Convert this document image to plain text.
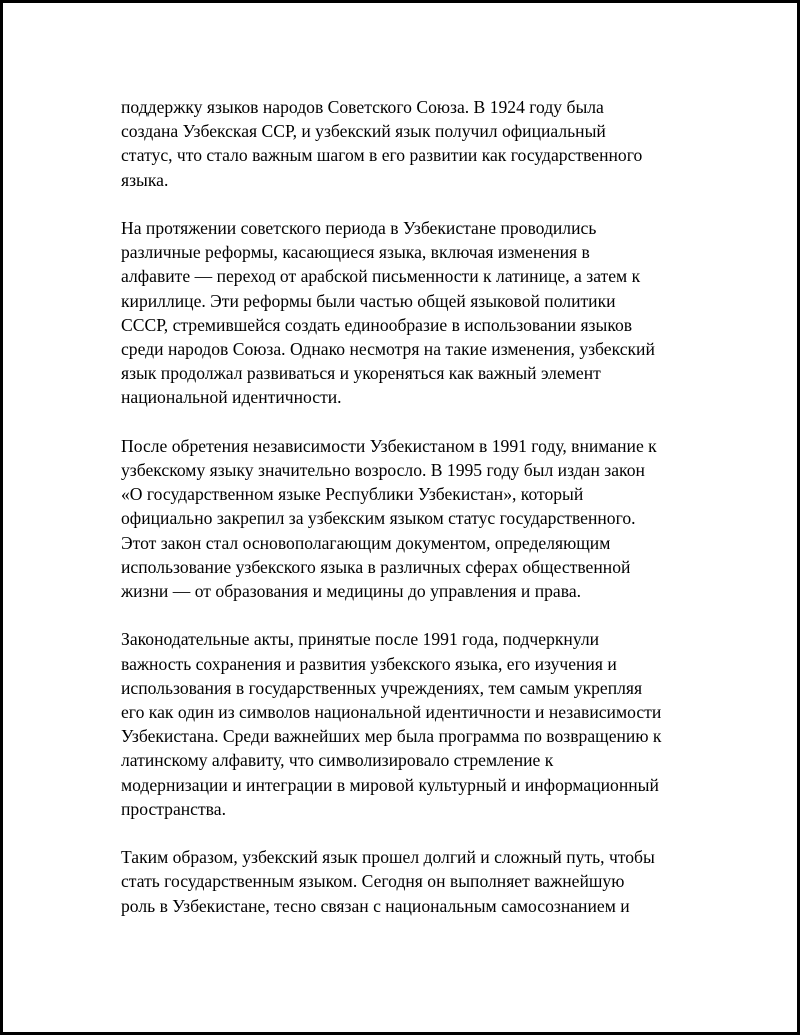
поддержку языков народов Советского Союза. В 1924 году была
создана Узбекская ССР, и узбекский язык получил официальный
статус, что стало важным шагом в его развитии как государственного
языка.

На протяжении советского периода в Узбекистане проводились
различные реформы, касающиеся языка, включая изменения в
алфавите — переход от арабской письменности к латинице, а затем к
кириллице. Эти реформы были частью общей языковой политики
СССР, стремившейся создать единообразие в использовании языков
среди народов Союза. Однако несмотря на такие изменения, узбекский
язык продолжал развиваться и укореняться как важный элемент
национальной идентичности.

После обретения независимости Узбекистаном в 1991 году, внимание к
узбекскому языку значительно возросло. В 1995 году был издан закон
«О государственном языке Республики Узбекистан», который
официально закрепил за узбекским языком статус государственного.
Этот закон стал основополагающим документом, определяющим
использование узбекского языка в различных сферах общественной
жизни — от образования и медицины до управления и права.

Законодательные акты, принятые после 1991 года, подчеркнули
важность сохранения и развития узбекского языка, его изучения и
использования в государственных учреждениях, тем самым укрепляя
его как один из символов национальной идентичности и независимости
Узбекистана. Среди важнейших мер была программа по возвращению к
латинскому алфавиту, что символизировало стремление к
модернизации и интеграции в мировой культурный и информационный
пространства.

Таким образом, узбекский язык прошел долгий и сложный путь, чтобы
стать государственным языком. Сегодня он выполняет важнейшую
роль в Узбекистане, тесно связан с национальным самосознанием и
